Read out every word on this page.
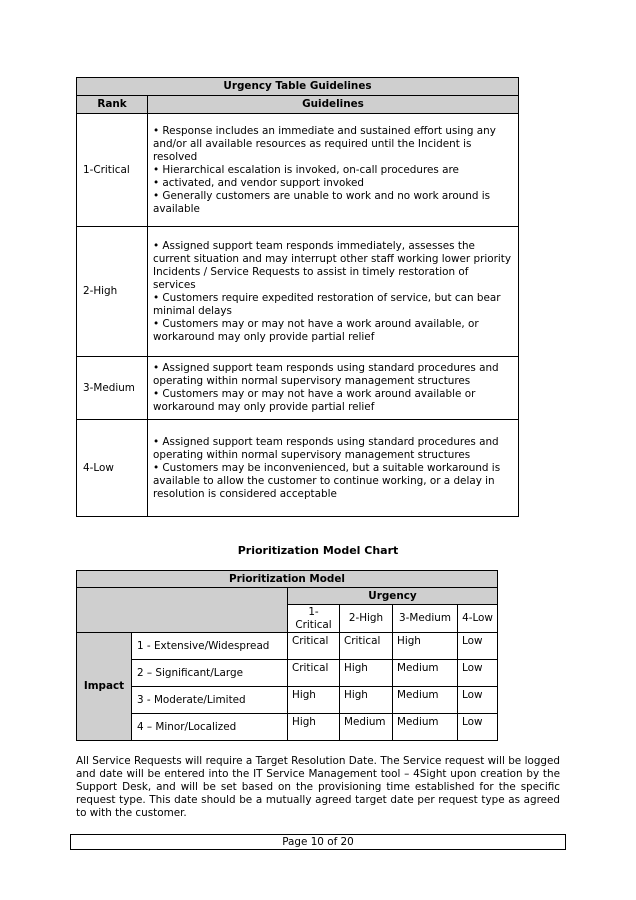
Urgency Table Guidelines	
Rank	Guidelines
1-Critical	• Response includes an immediate and sustained effort using any and/or all available resources as required until the Incident is resolved
• Hierarchical escalation is invoked, on-call procedures are
• activated, and vendor support invoked
• Generally customers are unable to work and no work around is available

2-High	• Assigned support team responds immediately, assesses the current situation and may interrupt other staff working lower priority Incidents / Service Requests to assist in timely restoration of services
• Customers require expedited restoration of service, but can bear minimal delays
• Customers may or may not have a work around available, or workaround may only provide partial relief

3-Medium	• Assigned support team responds using standard procedures and operating within normal supervisory management structures
• Customers may or may not have a work around available or workaround may only provide partial relief

4-Low	• Assigned support team responds using standard procedures and operating within normal supervisory management structures
• Customers may be inconvenienced, but a suitable workaround is available to allow the customer to continue working, or a delay in resolution is considered acceptable
Prioritization Model Chart
Prioritization Model					
		Urgency			
		1-Critical	2-High	3-Medium	4-Low
Impact	1 - Extensive/Widespread	Critical	Critical	High	Low
	2 – Significant/Large	Critical	High	Medium	Low
	3 - Moderate/Limited	High	High	Medium	Low
	4 – Minor/Localized	High	Medium	Medium	Low
All Service Requests will require a Target Resolution Date. The Service request will be logged and date will be entered into the IT Service Management tool – 4Sight upon creation by the Support Desk, and will be set based on the provisioning time established for the specific request type. This date should be a mutually agreed target date per request type as agreed to with the customer.
Page 10 of 20
